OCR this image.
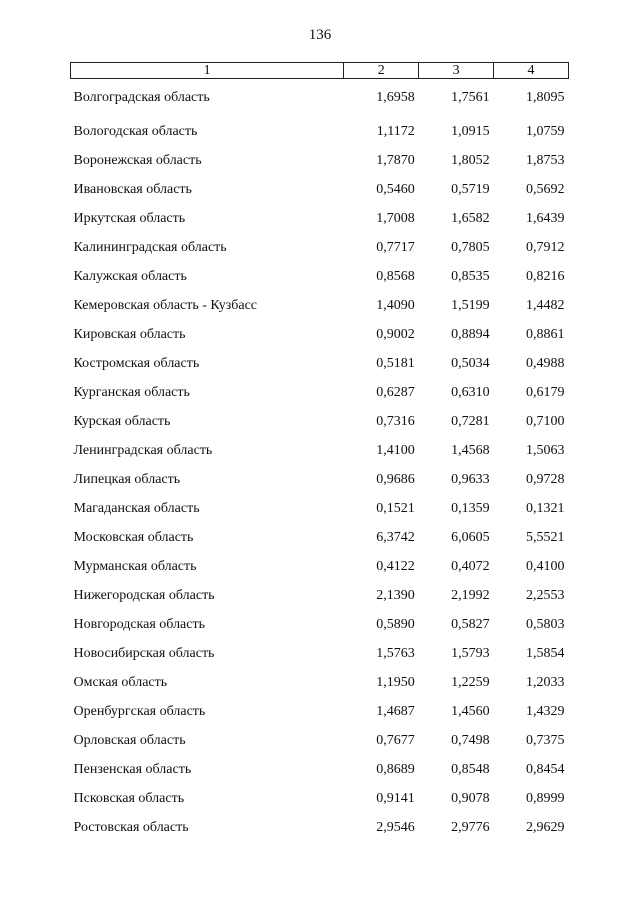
136
1	2	3	4
Волгоградская область	1,6958	1,7561	1,8095
Вологодская область	1,1172	1,0915	1,0759
Воронежская область	1,7870	1,8052	1,8753
Ивановская область	0,5460	0,5719	0,5692
Иркутская область	1,7008	1,6582	1,6439
Калининградская область	0,7717	0,7805	0,7912
Калужская область	0,8568	0,8535	0,8216
Кемеровская область - Кузбасс	1,4090	1,5199	1,4482
Кировская область	0,9002	0,8894	0,8861
Костромская область	0,5181	0,5034	0,4988
Курганская область	0,6287	0,6310	0,6179
Курская область	0,7316	0,7281	0,7100
Ленинградская область	1,4100	1,4568	1,5063
Липецкая область	0,9686	0,9633	0,9728
Магаданская область	0,1521	0,1359	0,1321
Московская область	6,3742	6,0605	5,5521
Мурманская область	0,4122	0,4072	0,4100
Нижегородская область	2,1390	2,1992	2,2553
Новгородская область	0,5890	0,5827	0,5803
Новосибирская область	1,5763	1,5793	1,5854
Омская область	1,1950	1,2259	1,2033
Оренбургская область	1,4687	1,4560	1,4329
Орловская область	0,7677	0,7498	0,7375
Пензенская область	0,8689	0,8548	0,8454
Псковская область	0,9141	0,9078	0,8999
Ростовская область	2,9546	2,9776	2,9629
